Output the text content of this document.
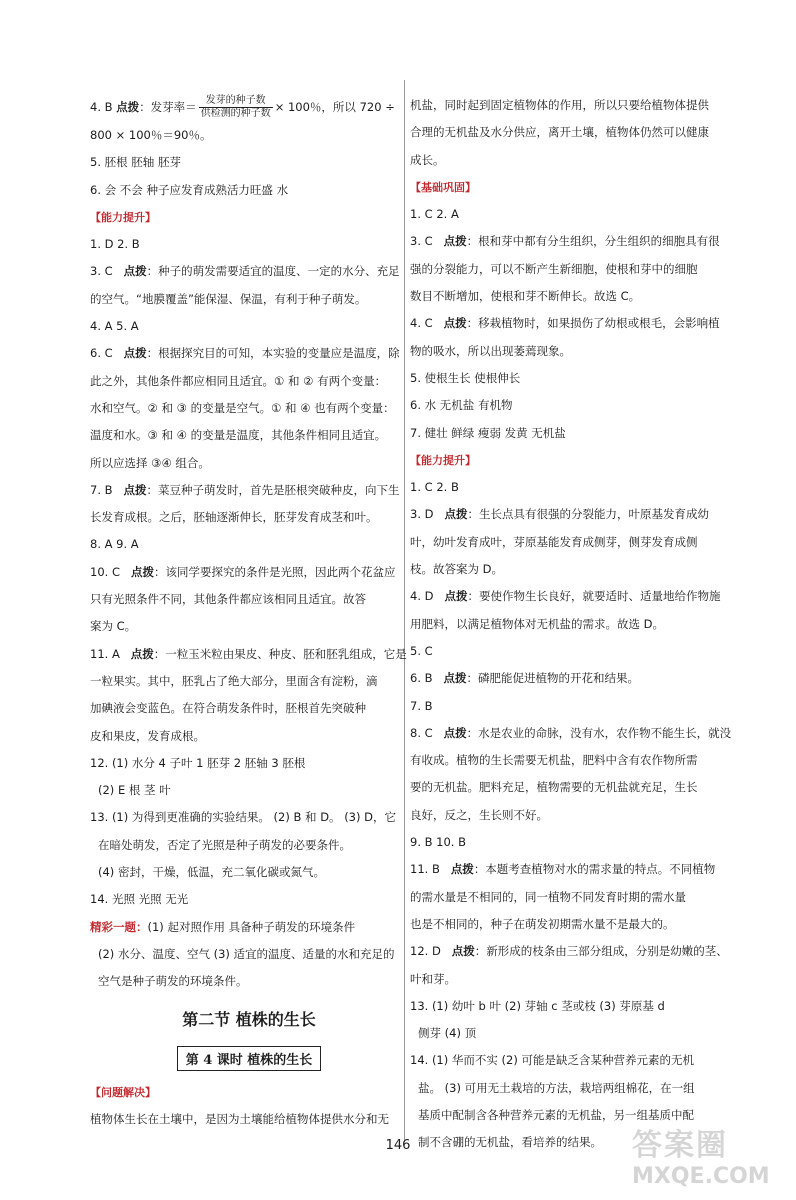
4. B 点拨：发芽率＝ $\frac{\text{发芽的种子数}}{\text{供检测的种子数}} \times 100$％，所以 720 ÷
800 × 100％＝90％。
5. 胚根 胚轴 胚芽
6. 会 不会 种子应发育成熟活力旺盛 水
【能力提升】
1. D 2. B
3. C 点拨：种子的萌发需要适宜的温度、一定的水分、充足
的空气。“地膜覆盖”能保湿、保温，有利于种子萌发。
4. A 5. A
6. C 点拨：根据探究目的可知，本实验的变量应是温度，除
此之外，其他条件都应相同且适宜。① 和 ② 有两个变量：
水和空气。② 和 ③ 的变量是空气。① 和 ④ 也有两个变量：
温度和水。③ 和 ④ 的变量是温度，其他条件相同且适宜。
所以应选择 ③④ 组合。
7. B 点拨：菜豆种子萌发时，首先是胚根突破种皮，向下生
长发育成根。之后，胚轴逐渐伸长，胚芽发育成茎和叶。
8. A 9. A
10. C 点拨：该同学要探究的条件是光照，因此两个花盆应
只有光照条件不同，其他条件都应该相同且适宜。故答
案为 C。
11. A 点拨：一粒玉米粒由果皮、种皮、胚和胚乳组成，它是
一粒果实。其中，胚乳占了绝大部分，里面含有淀粉，滴
加碘液会变蓝色。在符合萌发条件时，胚根首先突破种
皮和果皮，发育成根。
12. (1) 水分 4 子叶 1 胚芽 2 胚轴 3 胚根
(2) E 根 茎 叶
13. (1) 为得到更准确的实验结果。 (2) B 和 D。 (3) D，它
在暗处萌发，否定了光照是种子萌发的必要条件。
(4) 密封，干燥，低温，充二氧化碳或氮气。
14. 光照 光照 无光
精彩一题：(1) 起对照作用 具备种子萌发的环境条件
(2) 水分、温度、空气 (3) 适宜的温度、适量的水和充足的
空气是种子萌发的环境条件。
第二节 植株的生长
第 4 课时 植株的生长
【问题解决】
植物体生长在土壤中，是因为土壤能给植物体提供水分和无
机盐，同时起到固定植物体的作用，所以只要给植物体提供
合理的无机盐及水分供应，离开土壤，植物体仍然可以健康
成长。
【基础巩固】
1. C 2. A
3. C 点拨：根和芽中都有分生组织，分生组织的细胞具有很
强的分裂能力，可以不断产生新细胞，使根和芽中的细胞
数目不断增加，使根和芽不断伸长。故选 C。
4. C 点拨：移栽植物时，如果损伤了幼根或根毛，会影响植
物的吸水，所以出现萎蔫现象。
5. 使根生长 使根伸长
6. 水 无机盐 有机物
7. 健壮 鲜绿 瘦弱 发黄 无机盐
【能力提升】
1. C 2. B
3. D 点拨：生长点具有很强的分裂能力，叶原基发育成幼
叶，幼叶发育成叶，芽原基能发育成侧芽，侧芽发育成侧
枝。故答案为 D。
4. D 点拨：要使作物生长良好，就要适时、适量地给作物施
用肥料，以满足植物体对无机盐的需求。故选 D。
5. C
6. B 点拨：磷肥能促进植物的开花和结果。
7. B
8. C 点拨：水是农业的命脉，没有水，农作物不能生长，就没
有收成。植物的生长需要无机盐，肥料中含有农作物所需
要的无机盐。肥料充足，植物需要的无机盐就充足，生长
良好，反之，生长则不好。
9. B 10. B
11. B 点拨：本题考查植物对水的需求量的特点。不同植物
的需水量是不相同的，同一植物不同发育时期的需水量
也是不相同的，种子在萌发初期需水量不是最大的。
12. D 点拨：新形成的枝条由三部分组成，分别是幼嫩的茎、
叶和芽。
13. (1) 幼叶 b 叶 (2) 芽轴 c 茎或枝 (3) 芽原基 d
侧芽 (4) 顶
14. (1) 华而不实 (2) 可能是缺乏含某种营养元素的无机
盐。 (3) 可用无土栽培的方法，栽培两组棉花，在一组
基质中配制含各种营养元素的无机盐，另一组基质中配
制不含硼的无机盐，看培养的结果。
146	答案圈
MXQE.COM
